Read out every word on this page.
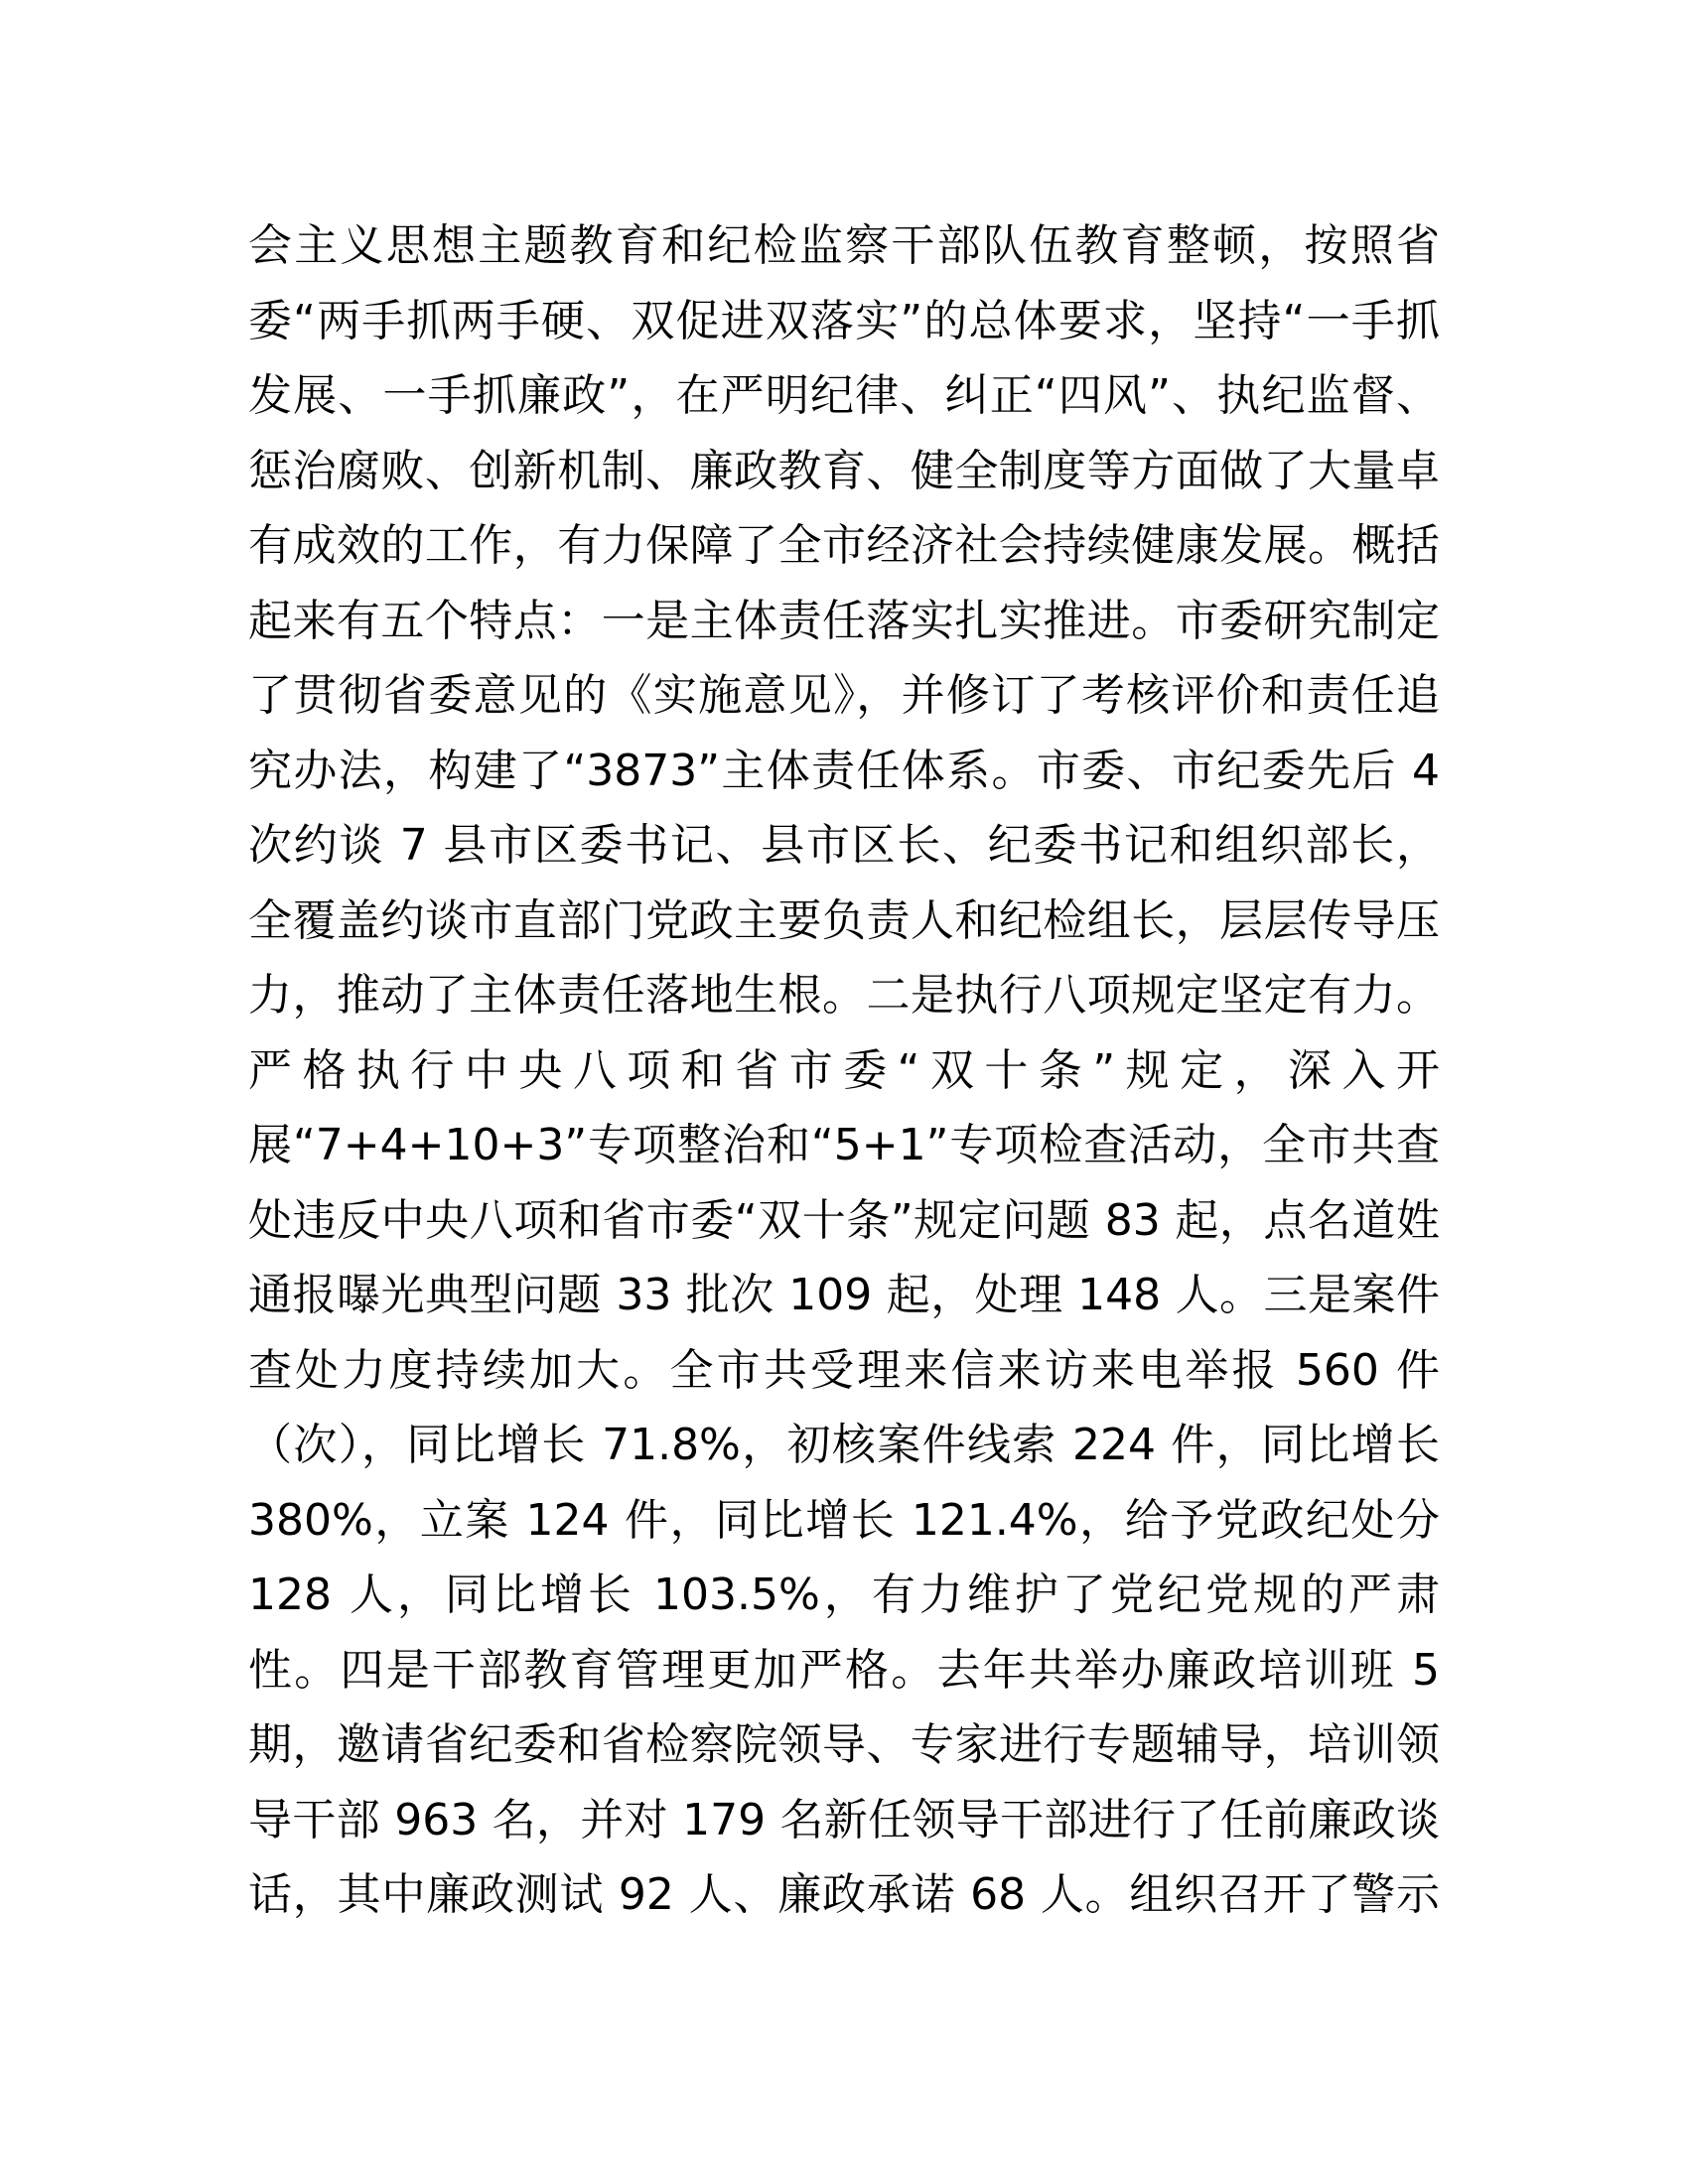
会主义思想主题教育和纪检监察干部队伍教育整顿，按照省
委“两手抓两手硬、双促进双落实”的总体要求，坚持“一手抓
发展、一手抓廉政”，在严明纪律、纠正“四风”、执纪监督、
惩治腐败、创新机制、廉政教育、健全制度等方面做了大量卓
有成效的工作，有力保障了全市经济社会持续健康发展。概括
起来有五个特点：一是主体责任落实扎实推进。市委研究制定
了贯彻省委意见的《实施意见》，并修订了考核评价和责任追
究办法，构建了“3873”主体责任体系。市委、市纪委先后 4
次约谈 7 县市区委书记、县市区长、纪委书记和组织部长，
全覆盖约谈市直部门党政主要负责人和纪检组长，层层传导压
力，推动了主体责任落地生根。二是执行八项规定坚定有力。
严格执行中央八项和省市委“双十条”规定，深入开
展“7+4+10+3”专项整治和“5+1”专项检查活动，全市共查
处违反中央八项和省市委“双十条”规定问题 83 起，点名道姓
通报曝光典型问题 33 批次 109 起，处理 148 人。三是案件
查处力度持续加大。全市共受理来信来访来电举报 560 件
（次），同比增长 71.8%，初核案件线索 224 件，同比增长
380%，立案 124 件，同比增长 121.4%，给予党政纪处分
128 人，同比增长 103.5%，有力维护了党纪党规的严肃
性。四是干部教育管理更加严格。去年共举办廉政培训班 5
期，邀请省纪委和省检察院领导、专家进行专题辅导，培训领
导干部 963 名，并对 179 名新任领导干部进行了任前廉政谈
话，其中廉政测试 92 人、廉政承诺 68 人。组织召开了警示
